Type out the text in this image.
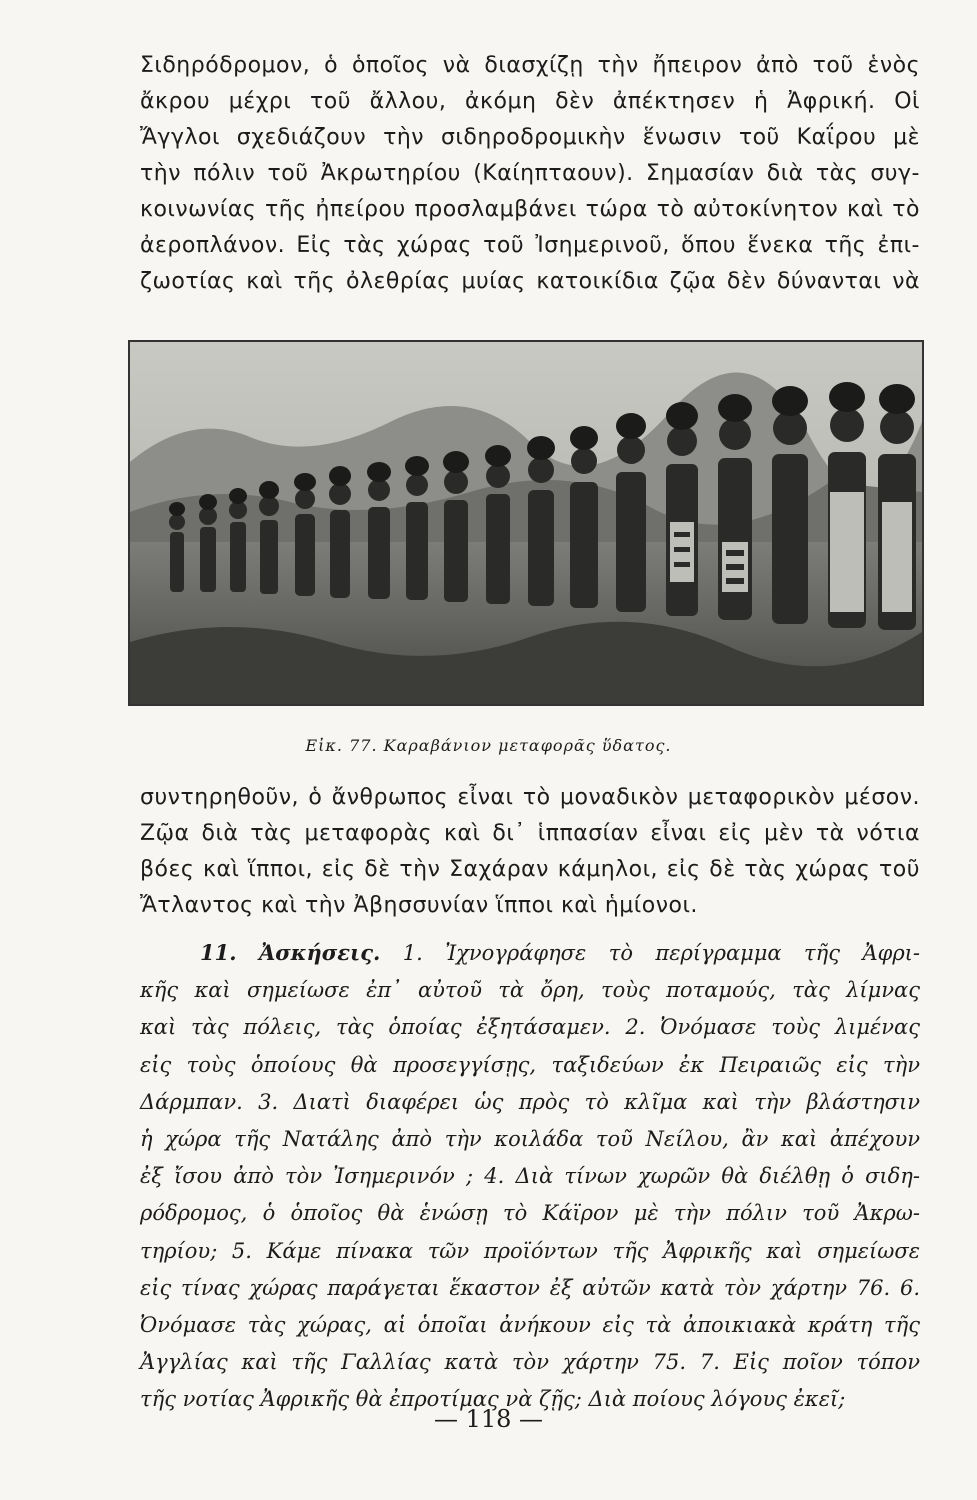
Σιδηρόδρομον, ὁ ὁποῖος νὰ διασχίζῃ τὴν ἤπειρον ἀπὸ τοῦ ἑνὸς
ἄκρου μέχρι τοῦ ἄλλου, ἀκόμη δὲν ἀπέκτησεν ἡ Ἀφρική. Οἱ
Ἄγγλοι σχεδιάζουν τὴν σιδηροδρομικὴν ἕνωσιν τοῦ Καΐρου μὲ
τὴν πόλιν τοῦ Ἀκρωτηρίου (Καίηπταουν). Σημασίαν διὰ τὰς συγ-
κοινωνίας τῆς ἠπείρου προσλαμβάνει τώρα τὸ αὐτοκίνητον καὶ τὸ
ἀεροπλάνον. Εἰς τὰς χώρας τοῦ Ἰσημερινοῦ, ὅπου ἕνεκα τῆς ἐπι-
ζωοτίας καὶ τῆς ὀλεθρίας μυίας κατοικίδια ζῷα δὲν δύνανται νὰ
Εἰκ. 77. Καραβάνιον μεταφορᾶς ὕδατος.
συντηρηθοῦν, ὁ ἄνθρωπος εἶναι τὸ μοναδικὸν μεταφορικὸν μέσον.
Ζῷα διὰ τὰς μεταφορὰς καὶ δι᾿ ἱππασίαν εἶναι εἰς μὲν τὰ νότια
βόες καὶ ἵπποι, εἰς δὲ τὴν Σαχάραν κάμηλοι, εἰς δὲ τὰς χώρας τοῦ
Ἄτλαντος καὶ τὴν Ἀβησσυνίαν ἵπποι καὶ ἡμίονοι.
11. Ἀσκήσεις. 1. Ἰχνογράφησε τὸ περίγραμμα τῆς Ἀφρι-
κῆς καὶ σημείωσε ἐπ᾿ αὐτοῦ τὰ ὄρη, τοὺς ποταμούς, τὰς λίμνας
καὶ τὰς πόλεις, τὰς ὁποίας ἐξητάσαμεν. 2. Ὀνόμασε τοὺς λιμένας
εἰς τοὺς ὁποίους θὰ προσεγγίσῃς, ταξιδεύων ἐκ Πειραιῶς εἰς τὴν
Δάρμπαν. 3. Διατὶ διαφέρει ὡς πρὸς τὸ κλῖμα καὶ τὴν βλάστησιν
ἡ χώρα τῆς Νατάλης ἀπὸ τὴν κοιλάδα τοῦ Νείλου, ἂν καὶ ἀπέχουν
ἐξ ἴσου ἀπὸ τὸν Ἰσημερινόν ; 4. Διὰ τίνων χωρῶν θὰ διέλθῃ ὁ σιδη-
ρόδρομος, ὁ ὁποῖος θὰ ἑνώσῃ τὸ Κάϊρον μὲ τὴν πόλιν τοῦ Ἀκρω-
τηρίου; 5. Κάμε πίνακα τῶν προϊόντων τῆς Ἀφρικῆς καὶ σημείωσε
εἰς τίνας χώρας παράγεται ἕκαστον ἐξ αὐτῶν κατὰ τὸν χάρτην 76. 6.
Ὀνόμασε τὰς χώρας, αἱ ὁποῖαι ἀνήκουν εἰς τὰ ἀποικιακὰ κράτη τῆς
Ἀγγλίας καὶ τῆς Γαλλίας κατὰ τὸν χάρτην 75. 7. Εἰς ποῖον τόπον
τῆς νοτίας Ἀφρικῆς θὰ ἐπροτίμας νὰ ζῇς; Διὰ ποίους λόγους ἐκεῖ;
— 118 —
